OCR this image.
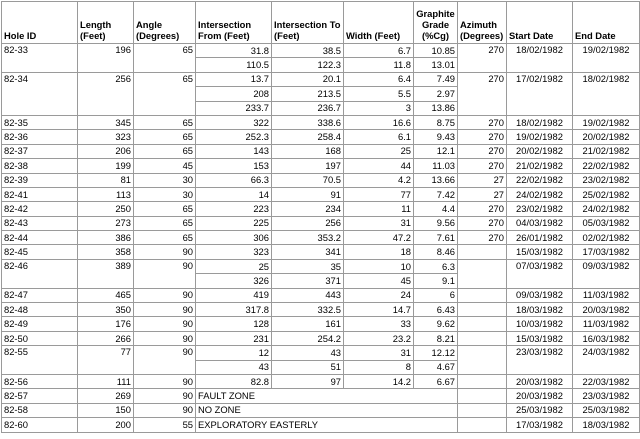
Hole ID	Length (Feet)	Angle (Degrees)	Intersection From (Feet)	Intersection To (Feet)	Width (Feet)	Graphite Grade (%Cg)	Azimuth (Degrees)	Start Date	End Date
82-33	196	65	31.8	38.5	6.7	10.85	270	18/02/1982	19/02/1982
			110.5	122.3	11.8	13.01			
82-34	256	65	13.7	20.1	6.4	7.49	270	17/02/1982	18/02/1982
			208	213.5	5.5	2.97			
			233.7	236.7	3	13.86			
82-35	345	65	322	338.6	16.6	8.75	270	18/02/1982	19/02/1982
82-36	323	65	252.3	258.4	6.1	9.43	270	19/02/1982	20/02/1982
82-37	206	65	143	168	25	12.1	270	20/02/1982	21/02/1982
82-38	199	45	153	197	44	11.03	270	21/02/1982	22/02/1982
82-39	81	30	66.3	70.5	4.2	13.66	27	22/02/1982	23/02/1982
82-41	113	30	14	91	77	7.42	27	24/02/1982	25/02/1982
82-42	250	65	223	234	11	4.4	270	23/02/1982	24/02/1982
82-43	273	65	225	256	31	9.56	270	04/03/1982	05/03/1982
82-44	386	65	306	353.2	47.2	7.61	270	26/01/1982	02/02/1982
82-45	358	90	323	341	18	8.46		15/03/1982	17/03/1982
82-46	389	90	25	35	10	6.3		07/03/1982	09/03/1982
			326	371	45	9.1			
82-47	465	90	419	443	24	6		09/03/1982	11/03/1982
82-48	350	90	317.8	332.5	14.7	6.43		18/03/1982	20/03/1982
82-49	176	90	128	161	33	9.62		10/03/1982	11/03/1982
82-50	266	90	231	254.2	23.2	8.21		15/03/1982	16/03/1982
82-55	77	90	12	43	31	12.12		23/03/1982	24/03/1982
			43	51	8	4.67			
82-56	111	90	82.8	97	14.2	6.67		20/03/1982	22/03/1982
82-57	269	90	FAULT ZONE					20/03/1982	23/03/1982
82-58	150	90	NO ZONE					25/03/1982	25/03/1982
82-60	200	55	EXPLORATORY EASTERLY					17/03/1982	18/03/1982
